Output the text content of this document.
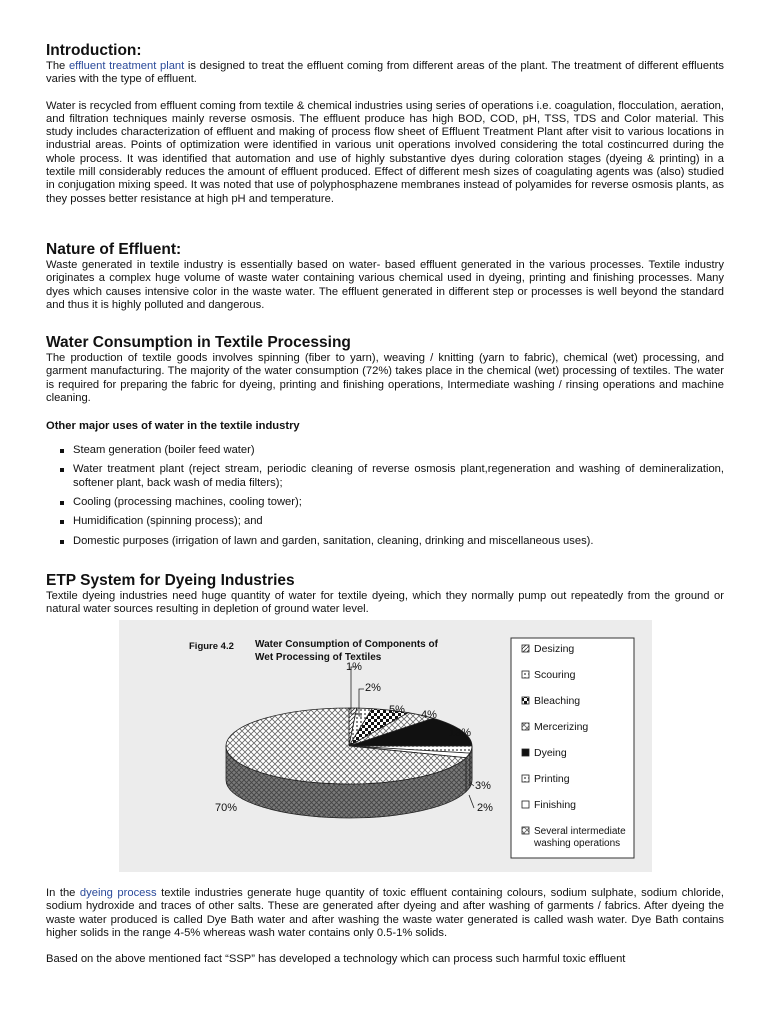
Introduction:

The effluent treatment plant is designed to treat the effluent coming from different areas of the plant. The treatment of different effluents varies with the type of effluent.

Water is recycled from effluent coming from textile & chemical industries using series of operations i.e. coagulation, flocculation, aeration, and filtration techniques mainly reverse osmosis. The effluent produce has high BOD, COD, pH, TSS, TDS and Color material. This study includes characterization of effluent and making of process flow sheet of Effluent Treatment Plant after visit to various locations in industrial areas. Points of optimization were identified in various unit operations involved considering the total costincurred during the whole process. It was identified that automation and use of highly substantive dyes during coloration stages (dyeing & printing) in a textile mill considerably reduces the amount of effluent produced. Effect of different mesh sizes of coagulating agents was (also) studied in conjugation mixing speed. It was noted that use of polyphosphazene membranes instead of polyamides for reverse osmosis plants, as they posses better resistance at high pH and temperature.

Nature of Effluent:

Waste generated in textile industry is essentially based on water- based effluent generated in the various processes. Textile industry originates a complex huge volume of waste water containing various chemical used in dyeing, printing and finishing processes. Many dyes which causes intensive color in the waste water. The effluent generated in different step or processes is well beyond the standard and thus it is highly polluted and dangerous.

Water Consumption in Textile Processing

The production of textile goods involves spinning (fiber to yarn), weaving / knitting (yarn to fabric), chemical (wet) processing, and garment manufacturing. The majority of the water consumption (72%) takes place in the chemical (wet) processing of textiles. The water is required for preparing the fabric for dyeing, printing and finishing operations, Intermediate washing / rinsing operations and machine cleaning.

Other major uses of water in the textile industry
Steam generation (boiler feed water)
Water treatment plant (reject stream, periodic cleaning of reverse osmosis plant,regeneration and washing of demineralization, softener plant, back wash of media filters);
Cooling (processing machines, cooling tower);
Humidification (spinning process); and
Domestic purposes (irrigation of lawn and garden, sanitation, cleaning, drinking and miscellaneous uses).
ETP System for Dyeing Industries

Textile dyeing industries need huge quantity of water for textile dyeing, which they normally pump out repeatedly from the ground or natural water sources resulting in depletion of ground water level.

Figure 4.2 Water Consumption of Components of
Wet Processing of Textiles
1%
2%
5% 4%
13%
3%
2%
70%
Desizing
Scouring
Bleaching
Mercerizing
Dyeing
Printing
Finishing
Several intermediate
washing operations

In the dyeing process textile industries generate huge quantity of toxic effluent containing colours, sodium sulphate, sodium chloride, sodium hydroxide and traces of other salts. These are generated after dyeing and after washing of garments / fabrics. After dyeing the waste water produced is called Dye Bath water and after washing the waste water generated is called wash water. Dye Bath contains higher solids in the range 4-5% whereas wash water contains only 0.5-1% solids.

Based on the above mentioned fact “SSP” has developed a technology which can process such harmful toxic effluent
